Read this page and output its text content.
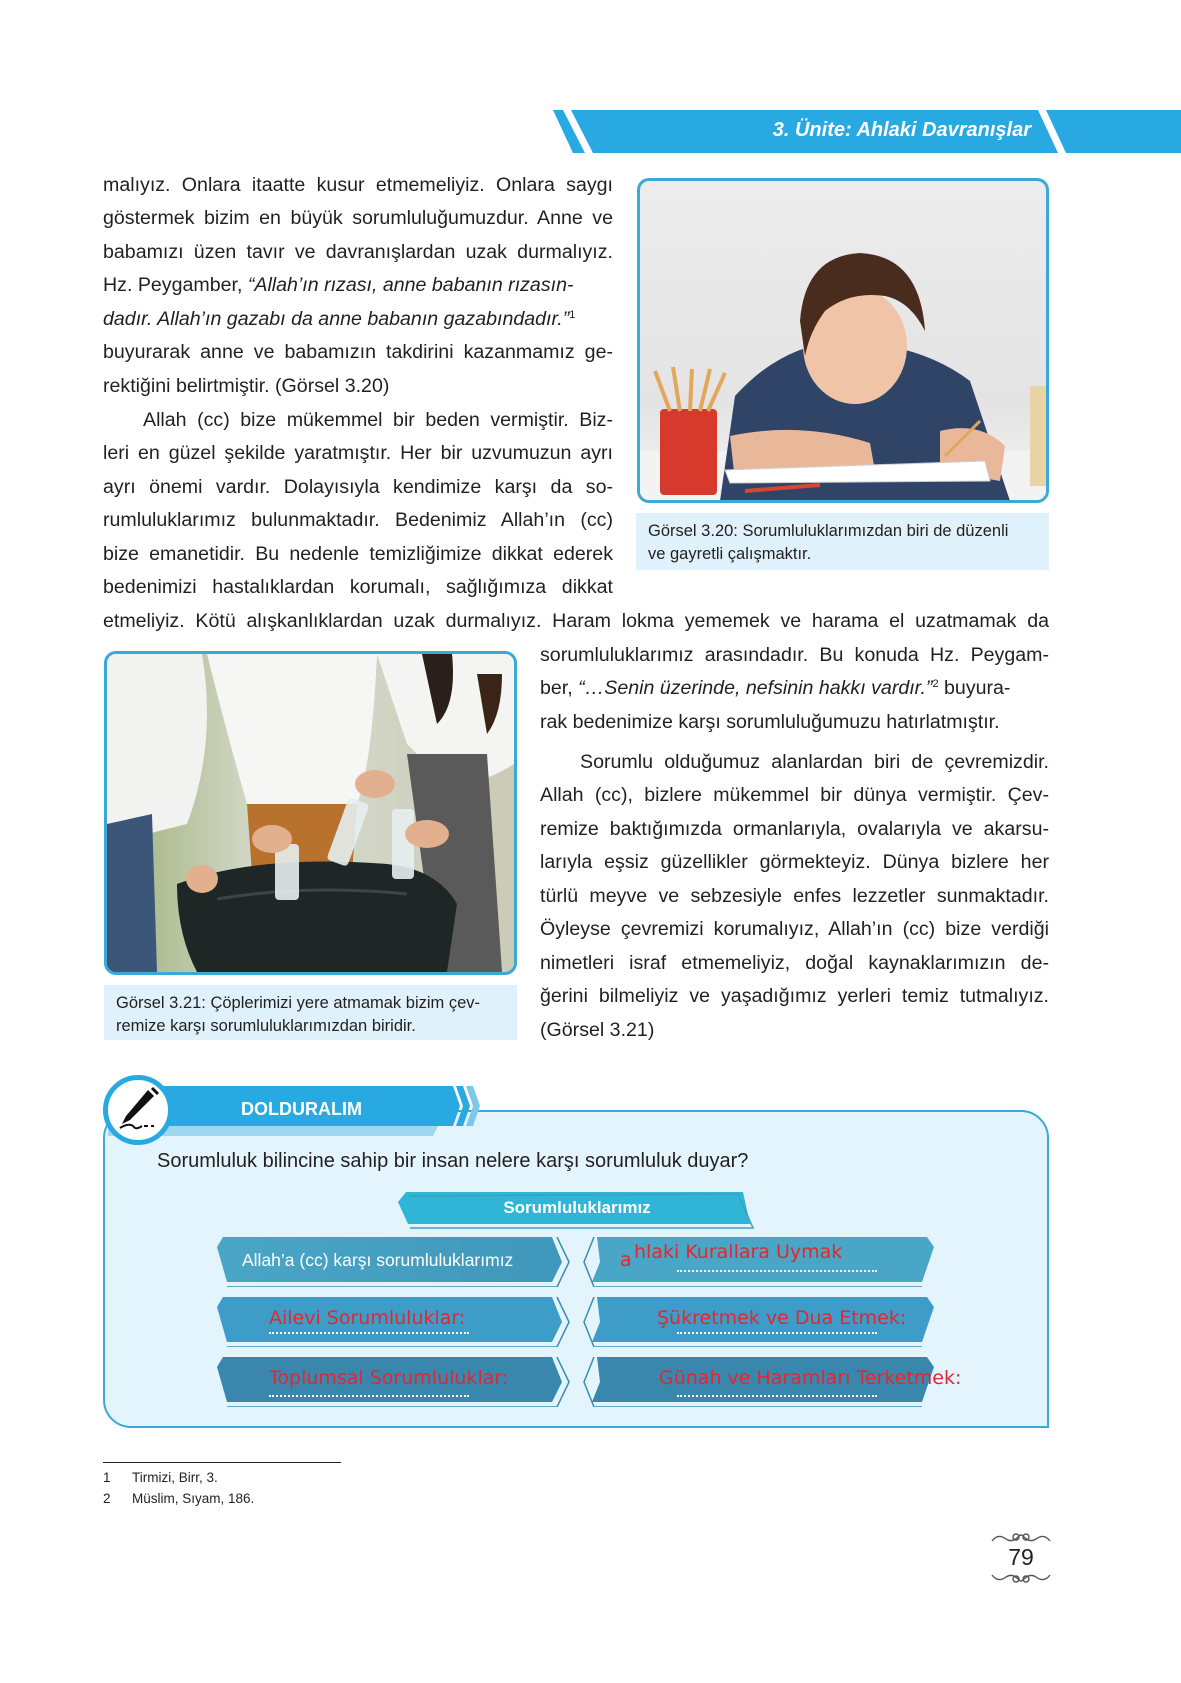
3. Ünite: Ahlaki Davranışlar
malıyız. Onlara itaatte kusur etmemeliyiz. Onlara saygı
göstermek bizim en büyük sorumluluğumuzdur. Anne ve
babamızı üzen tavır ve davranışlardan uzak durmalıyız.
Hz. Peygamber, “Allah’ın rızası, anne babanın rızasın-
dadır. Allah’ın gazabı da anne babanın gazabındadır.”$^1$
buyurarak anne ve babamızın takdirini kazanmamız ge-
rektiğini belirtmiştir. (Görsel 3.20)
Allah (cc) bize mükemmel bir beden vermiştir. Biz-
leri en güzel şekilde yaratmıştır. Her bir uzvumuzun ayrı
ayrı önemi vardır. Dolayısıyla kendimize karşı da so-
rumluluklarımız bulunmaktadır. Bedenimiz Allah’ın (cc)
bize emanetidir. Bu nedenle temizliğimize dikkat ederek
bedenimizi hastalıklardan korumalı, sağlığımıza dikkat
etmeliyiz. Kötü alışkanlıklardan uzak durmalıyız. Haram lokma yememek ve harama el uzatmamak da
Görsel 3.20: Sorumluluklarımızdan biri de düzenli
ve gayretli çalışmaktır.
Görsel 3.21: Çöplerimizi yere atmamak bizim çev-
remize karşı sorumluluklarımızdan biridir.
sorumluluklarımız arasındadır. Bu konuda Hz. Peygam-
ber, “…Senin üzerinde, nefsinin hakkı vardır.”$^2$ buyura-
rak bedenimize karşı sorumluluğumuzu hatırlatmıştır.
Sorumlu olduğumuz alanlardan biri de çevremizdir.
Allah (cc), bizlere mükemmel bir dünya vermiştir. Çev-
remize baktığımızda ormanlarıyla, ovalarıyla ve akarsu-
larıyla eşsiz güzellikler görmekteyiz. Dünya bizlere her
türlü meyve ve sebzesiyle enfes lezzetler sunmaktadır.
Öyleyse çevremizi korumalıyız, Allah’ın (cc) bize verdiği
nimetleri israf etmemeliyiz, doğal kaynaklarımızın de-
ğerini bilmeliyiz ve yaşadığımız yerleri temiz tutmalıyız.
(Görsel 3.21)
DOLDURALIM
Sorumluluk bilincine sahip bir insan nelere karşı sorumluluk duyar?
Sorumluluklarımız
Allah’a (cc) karşı sorumluluklarımız
Ailevi Sorumluluklar:
Toplumsal Sorumluluklar:
a hlaki Kurallara Uymak
Şükretmek ve Dua Etmek:
Günah ve Haramları Terketmek:
1 Tirmizi, Birr, 3.
2 Müslim, Sıyam, 186.
79
